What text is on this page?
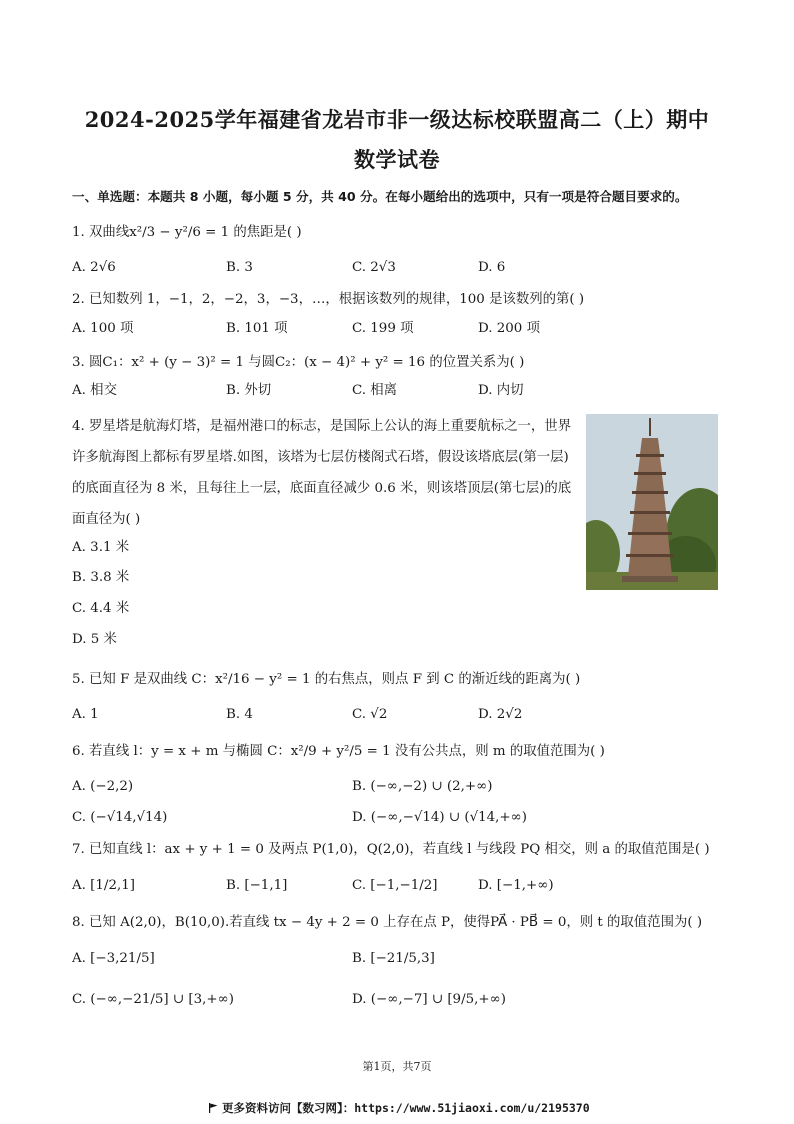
2024-2025学年福建省龙岩市非一级达标校联盟高二（上）期中
数学试卷
一、单选题：本题共 8 小题，每小题 5 分，共 40 分。在每小题给出的选项中，只有一项是符合题目要求的。
1. 双曲线x²/3 − y²/6 = 1 的焦距是( )
A. 2√6	B. 3	C. 2√3	D. 6
2. 已知数列 1，−1，2，−2，3，−3，…，根据该数列的规律，100 是该数列的第( )
A. 100 项	B. 101 项	C. 199 项	D. 200 项
3. 圆C₁：x² + (y − 3)² = 1 与圆C₂：(x − 4)² + y² = 16 的位置关系为( )
A. 相交	B. 外切	C. 相离	D. 内切
4. 罗星塔是航海灯塔，是福州港口的标志，是国际上公认的海上重要航标之一，世界许多航海图上都标有罗星塔.如图，该塔为七层仿楼阁式石塔，假设该塔底层(第一层)的底面直径为 8 米，且每往上一层，底面直径减少 0.6 米，则该塔顶层(第七层)的底面直径为( )
A. 3.1 米
B. 3.8 米
C. 4.4 米
D. 5 米
5. 已知 F 是双曲线 C：x²/16 − y² = 1 的右焦点，则点 F 到 C 的渐近线的距离为( )
A. 1	B. 4	C. √2	D. 2√2
6. 若直线 l：y = x + m 与椭圆 C：x²/9 + y²/5 = 1 没有公共点，则 m 的取值范围为( )
A. (−2,2)	B. (−∞,−2) ∪ (2,+∞)
C. (−√14,√14)	D. (−∞,−√14) ∪ (√14,+∞)
7. 已知直线 l：ax + y + 1 = 0 及两点 P(1,0)，Q(2,0)，若直线 l 与线段 PQ 相交，则 a 的取值范围是( )
A. [1/2,1]	B. [−1,1]	C. [−1,−1/2]	D. [−1,+∞)
8. 已知 A(2,0)，B(10,0).若直线 tx − 4y + 2 = 0 上存在点 P，使得PA⃗ · PB⃗ = 0，则 t 的取值范围为( )
A. [−3,21/5]	B. [−21/5,3]
C. (−∞,−21/5] ∪ [3,+∞)	D. (−∞,−7] ∪ [9/5,+∞)
第1页，共7页
更多资料访问【数习网】：https://www.51jiaoxi.com/u/2195370
